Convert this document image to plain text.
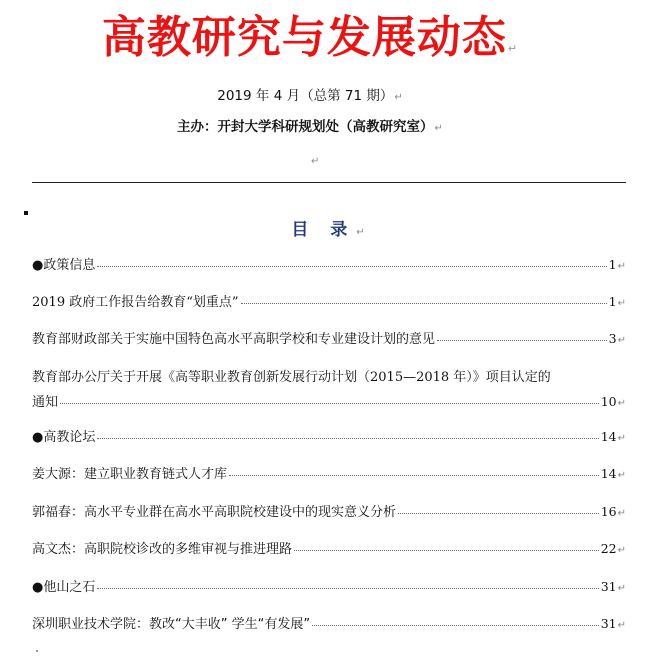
高教研究与发展动态↵
2019 年 4 月（总第 71 期）↵
主办：开封大学科研规划处（高教研究室）↵
↵
目 录↵
●政策信息	1 ↵
2019 政府工作报告给教育“划重点”	1 ↵
教育部财政部关于实施中国特色高水平高职学校和专业建设计划的意见	3 ↵
教育部办公厅关于开展《高等职业教育创新发展行动计划（2015—2018 年）》项目认定的
通知	10 ↵
●高教论坛	14 ↵
姜大源：建立职业教育链式人才库	14 ↵
郭福春：高水平专业群在高水平高职院校建设中的现实意义分析	16 ↵
高文杰：高职院校诊改的多维审视与推进理路	22 ↵
●他山之石	31 ↵
深圳职业技术学院：教改“大丰收” 学生“有发展”	31 ↵
